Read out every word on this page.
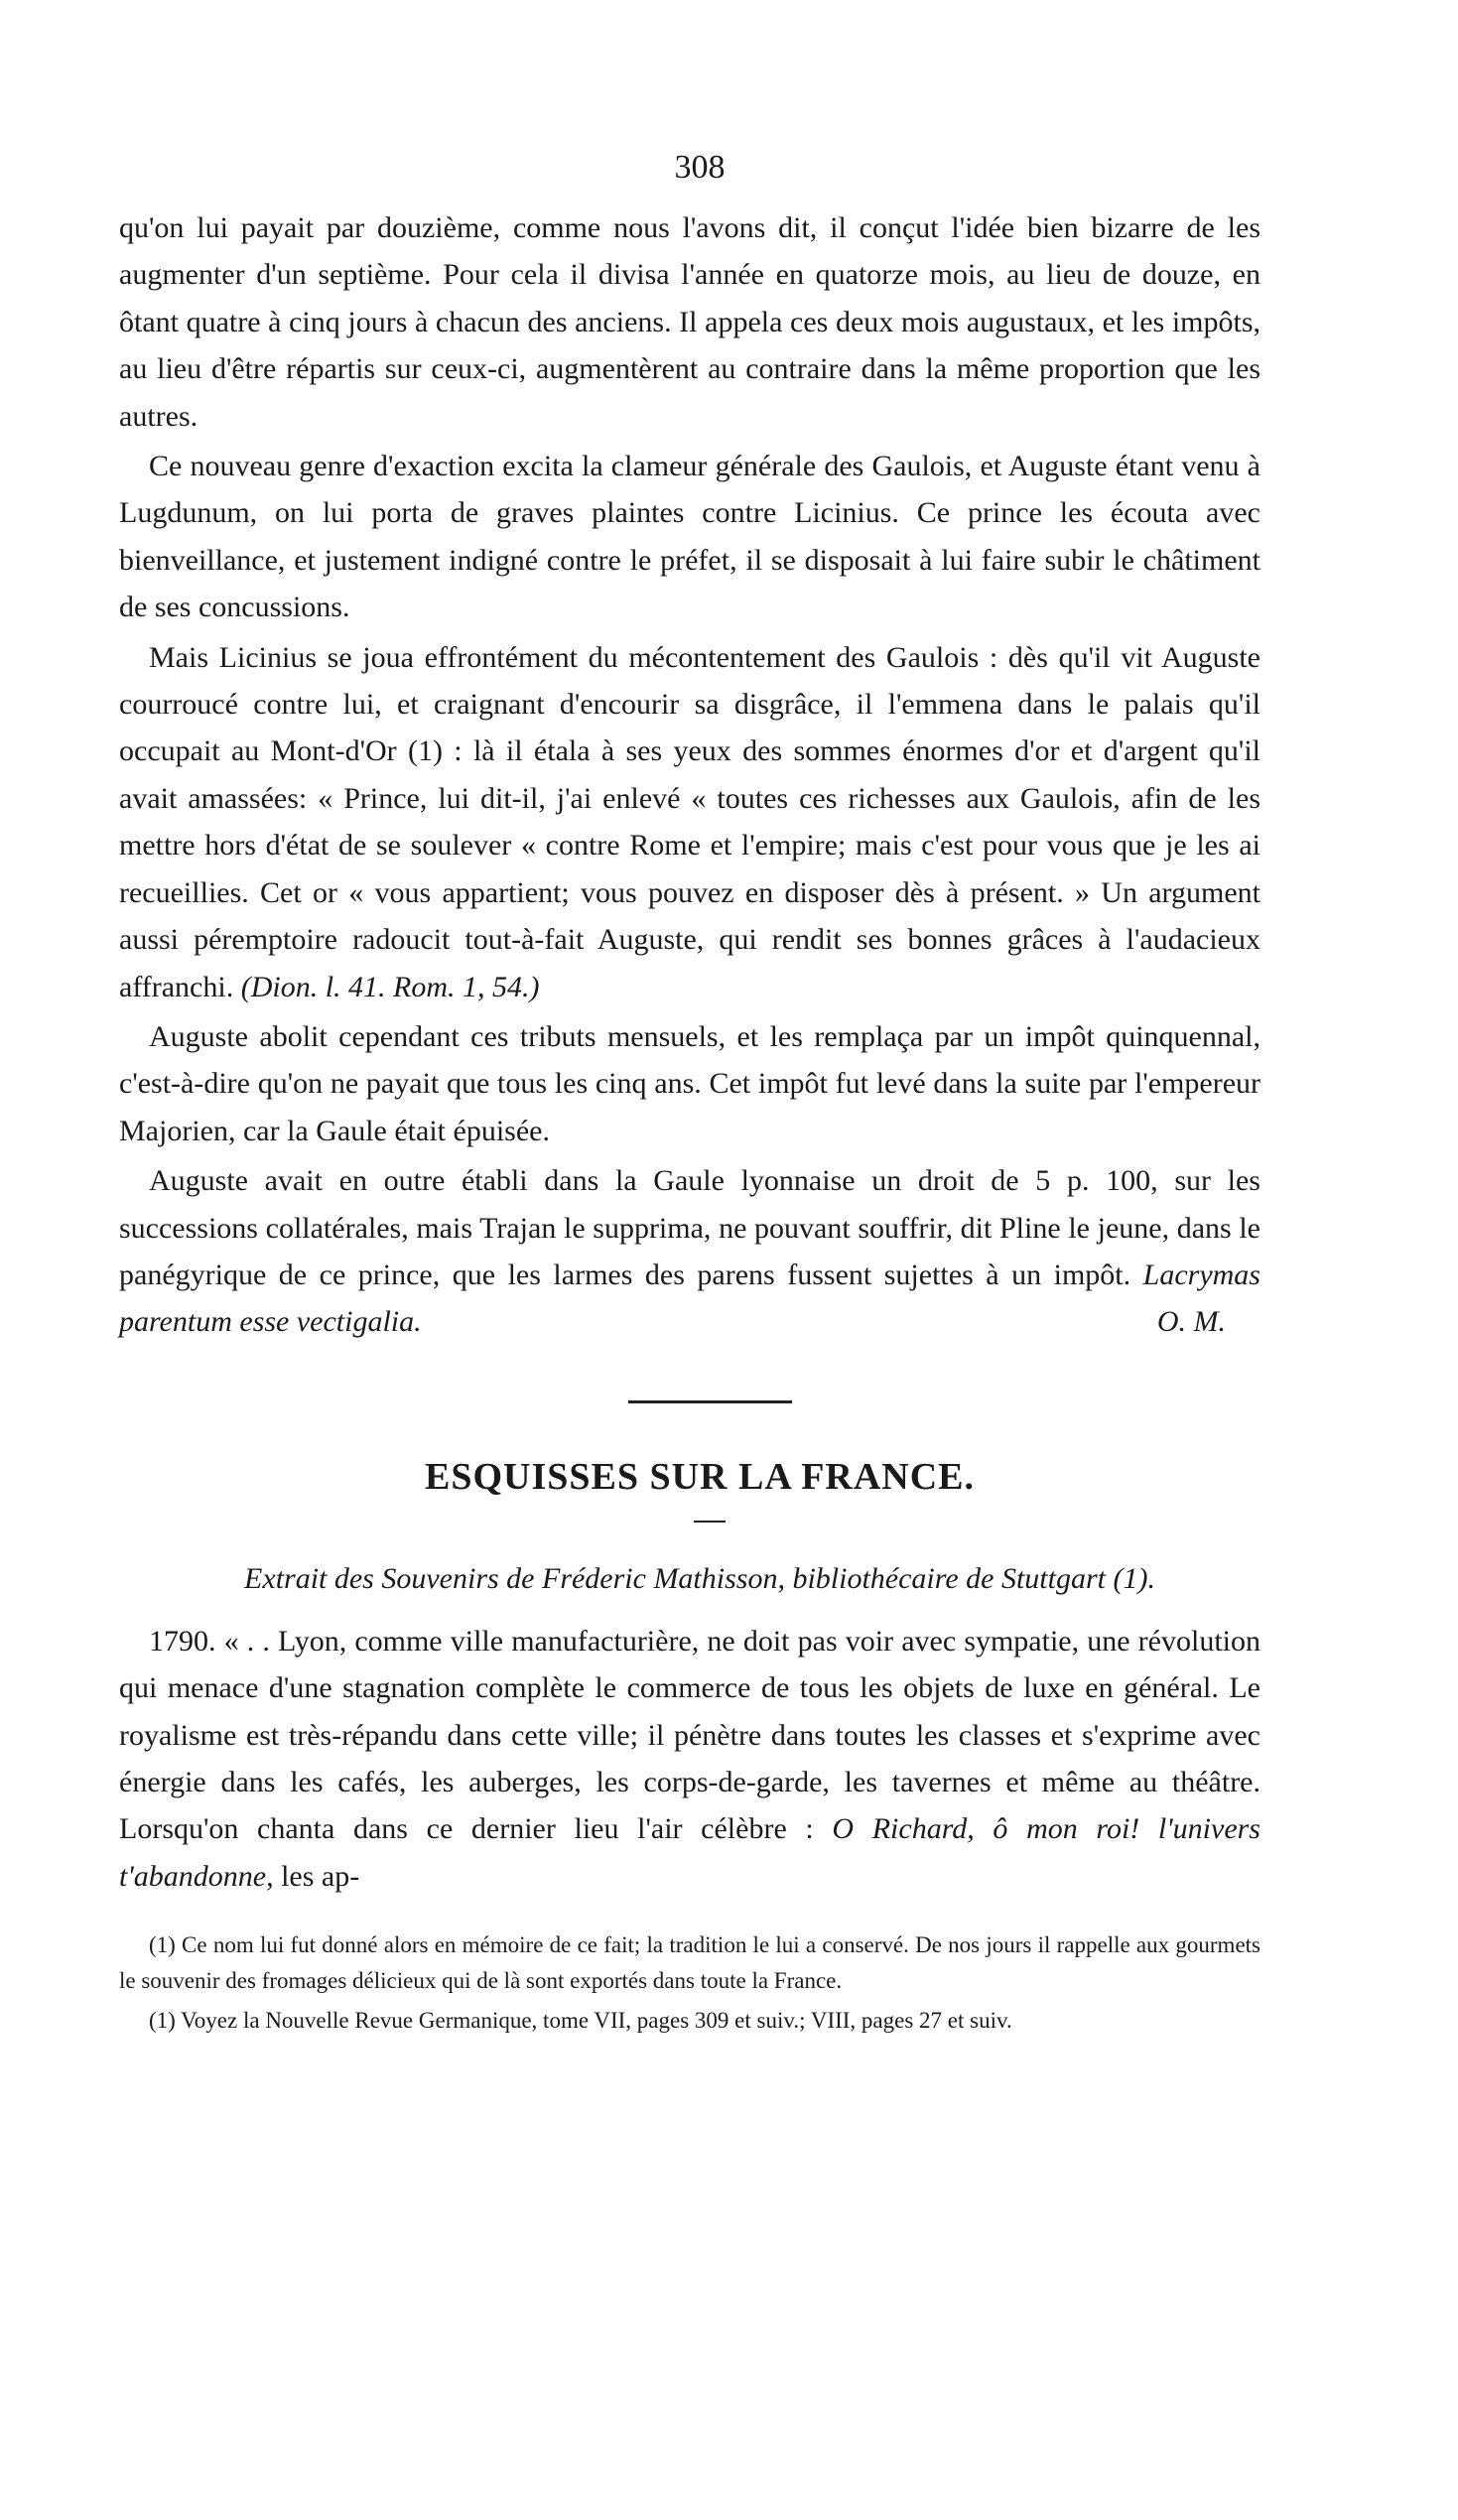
308

qu'on lui payait par douzième, comme nous l'avons dit, il conçut l'idée bien bizarre de les augmenter d'un septième. Pour cela il divisa l'année en quatorze mois, au lieu de douze, en ôtant quatre à cinq jours à chacun des anciens. Il appela ces deux mois augustaux, et les impôts, au lieu d'être répartis sur ceux-ci, augmentèrent au contraire dans la même proportion que les autres.

Ce nouveau genre d'exaction excita la clameur générale des Gaulois, et Auguste étant venu à Lugdunum, on lui porta de graves plaintes contre Licinius. Ce prince les écouta avec bienveillance, et justement indigné contre le préfet, il se disposait à lui faire subir le châtiment de ses concussions.

Mais Licinius se joua effrontément du mécontentement des Gaulois : dès qu'il vit Auguste courroucé contre lui, et craignant d'encourir sa disgrâce, il l'emmena dans le palais qu'il occupait au Mont-d'Or (1) : là il étala à ses yeux des sommes énormes d'or et d'argent qu'il avait amassées: « Prince, lui dit-il, j'ai enlevé « toutes ces richesses aux Gaulois, afin de les mettre hors d'état de se soulever « contre Rome et l'empire; mais c'est pour vous que je les ai recueillies. Cet or « vous appartient; vous pouvez en disposer dès à présent. » Un argument aussi péremptoire radoucit tout-à-fait Auguste, qui rendit ses bonnes grâces à l'audacieux affranchi. (Dion. l. 41. Rom. 1, 54.)

Auguste abolit cependant ces tributs mensuels, et les remplaça par un impôt quinquennal, c'est-à-dire qu'on ne payait que tous les cinq ans. Cet impôt fut levé dans la suite par l'empereur Majorien, car la Gaule était épuisée.

Auguste avait en outre établi dans la Gaule lyonnaise un droit de 5 p. 100, sur les successions collatérales, mais Trajan le supprima, ne pouvant souffrir, dit Pline le jeune, dans le panégyrique de ce prince, que les larmes des parens fussent sujettes à un impôt. Lacrymas parentum esse vectigalia.	O. M.

ESQUISSES SUR LA FRANCE.

Extrait des Souvenirs de Fréderic Mathisson, bibliothécaire de Stuttgart (1).

1790. « . . Lyon, comme ville manufacturière, ne doit pas voir avec sympatie, une révolution qui menace d'une stagnation complète le commerce de tous les objets de luxe en général. Le royalisme est très-répandu dans cette ville; il pénètre dans toutes les classes et s'exprime avec énergie dans les cafés, les auberges, les corps-de-garde, les tavernes et même au théâtre. Lorsqu'on chanta dans ce dernier lieu l'air célèbre : O Richard, ô mon roi! l'univers t'abandonne, les ap-

(1) Ce nom lui fut donné alors en mémoire de ce fait; la tradition le lui a conservé. De nos jours il rappelle aux gourmets le souvenir des fromages délicieux qui de là sont exportés dans toute la France.

(1) Voyez la Nouvelle Revue Germanique, tome VII, pages 309 et suiv.; VIII, pages 27 et suiv.
